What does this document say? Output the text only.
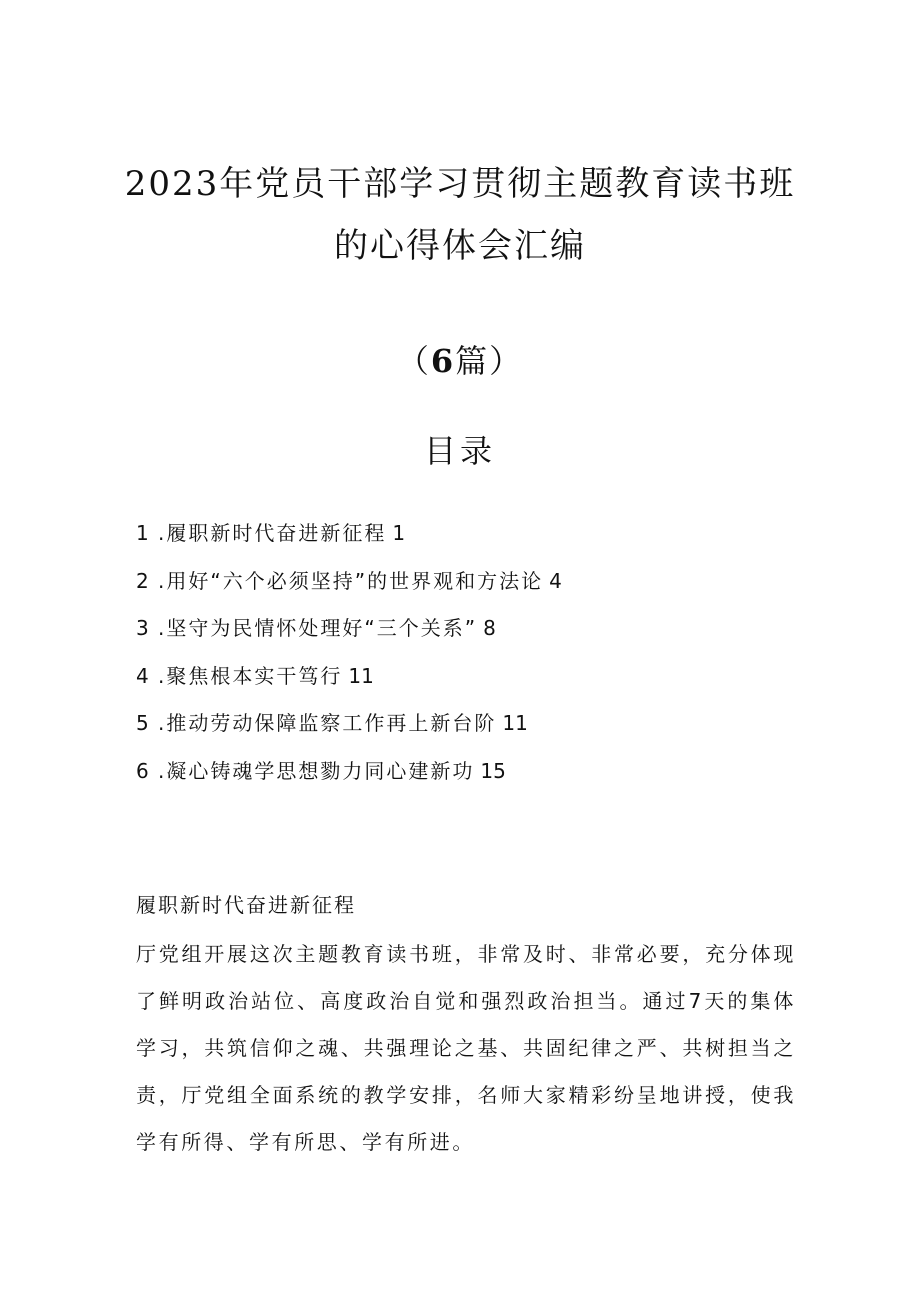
2023年党员干部学习贯彻主题教育读书班
的心得体会汇编
（6篇）
目录
1 .履职新时代奋进新征程 1
2 .用好“六个必须坚持”的世界观和方法论 4
3 .坚守为民情怀处理好“三个关系” 8
4 .聚焦根本实干笃行 11
5 .推动劳动保障监察工作再上新台阶 11
6 .凝心铸魂学思想勠力同心建新功 15
履职新时代奋进新征程

厅党组开展这次主题教育读书班，非常及时、非常必要，充分体现了鲜明政治站位、高度政治自觉和强烈政治担当。通过7天的集体学习，共筑信仰之魂、共强理论之基、共固纪律之严、共树担当之责，厅党组全面系统的教学安排，名师大家精彩纷呈地讲授，使我学有所得、学有所思、学有所进。
